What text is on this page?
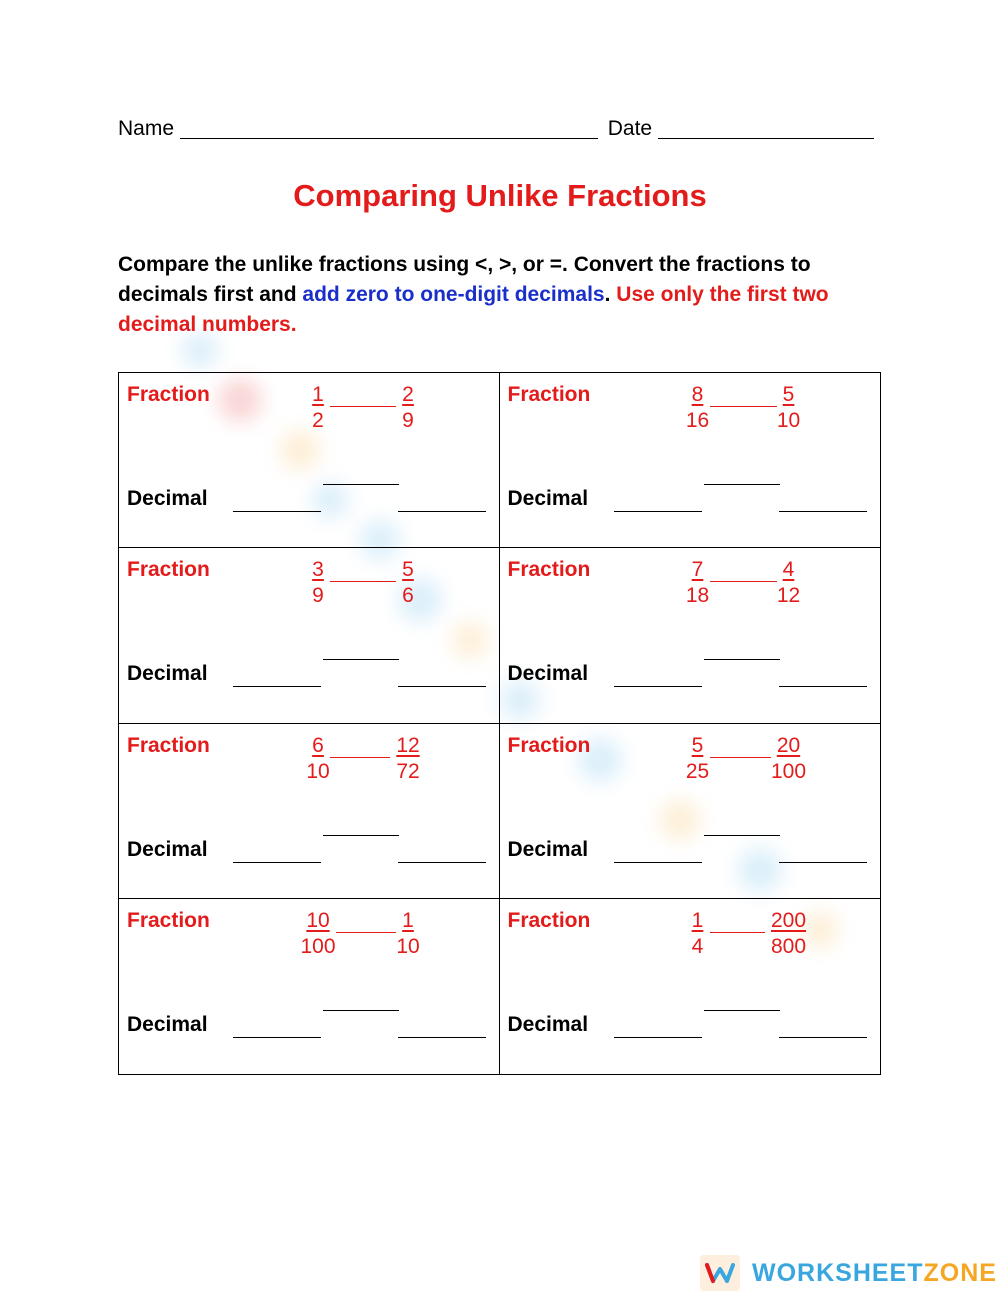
Name	Date
Comparing Unlike Fractions
Compare the unlike fractions using <, >, or =. Convert the fractions to decimals first and add zero to one-digit decimals. Use only the first two decimal numbers.
Fraction	1
2
2
9
Decimal
Fraction	8
16
5
10
Decimal
Fraction	3
9
5
6
Decimal
Fraction	7
18
4
12
Decimal
Fraction	6
10
12
72
Decimal
Fraction	5
25
20
100
Decimal
Fraction	10
100
1
10
Decimal
Fraction	1
4
200
800
Decimal
WORKSHEETZONE
